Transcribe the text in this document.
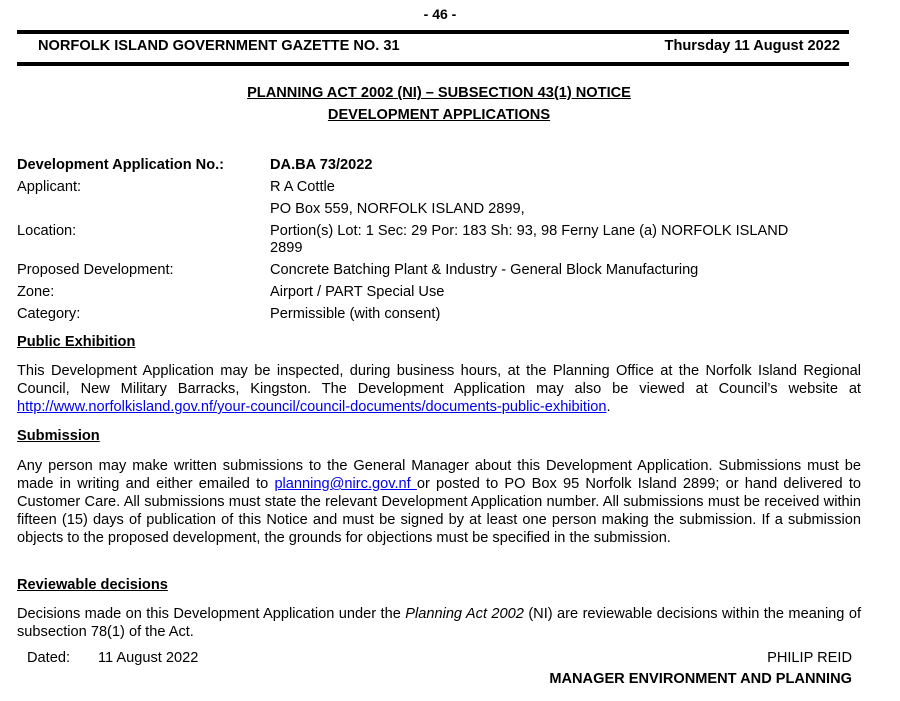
- 46 -
NORFOLK ISLAND GOVERNMENT GAZETTE NO. 31	Thursday 11 August 2022
PLANNING ACT 2002 (NI) – SUBSECTION 43(1) NOTICE
DEVELOPMENT APPLICATIONS
Development Application No.:	DA.BA 73/2022
Applicant:	R A Cottle
PO Box 559, NORFOLK ISLAND 2899,
Location:	Portion(s) Lot: 1 Sec: 29 Por: 183 Sh: 93, 98 Ferny Lane (a) NORFOLK ISLAND
2899
Proposed Development:	Concrete Batching Plant & Industry - General Block Manufacturing
Zone:	Airport / PART Special Use
Category:	Permissible (with consent)
Public Exhibition
This Development Application may be inspected, during business hours, at the Planning Office at the Norfolk Island Regional Council, New Military Barracks, Kingston. The Development Application may also be viewed at Council’s website at http://www.norfolkisland.gov.nf/your-council/council-documents/documents-public-exhibition.
Submission
Any person may make written submissions to the General Manager about this Development Application. Submissions must be made in writing and either emailed to planning@nirc.gov.nf or posted to PO Box 95 Norfolk Island 2899; or hand delivered to Customer Care. All submissions must state the relevant Development Application number. All submissions must be received within fifteen (15) days of publication of this Notice and must be signed by at least one person making the submission. If a submission objects to the proposed development, the grounds for objections must be specified in the submission.
Reviewable decisions
Decisions made on this Development Application under the Planning Act 2002 (NI) are reviewable decisions within the meaning of subsection 78(1) of the Act.
Dated: 11 August 2022	PHILIP REID
MANAGER ENVIRONMENT AND PLANNING
